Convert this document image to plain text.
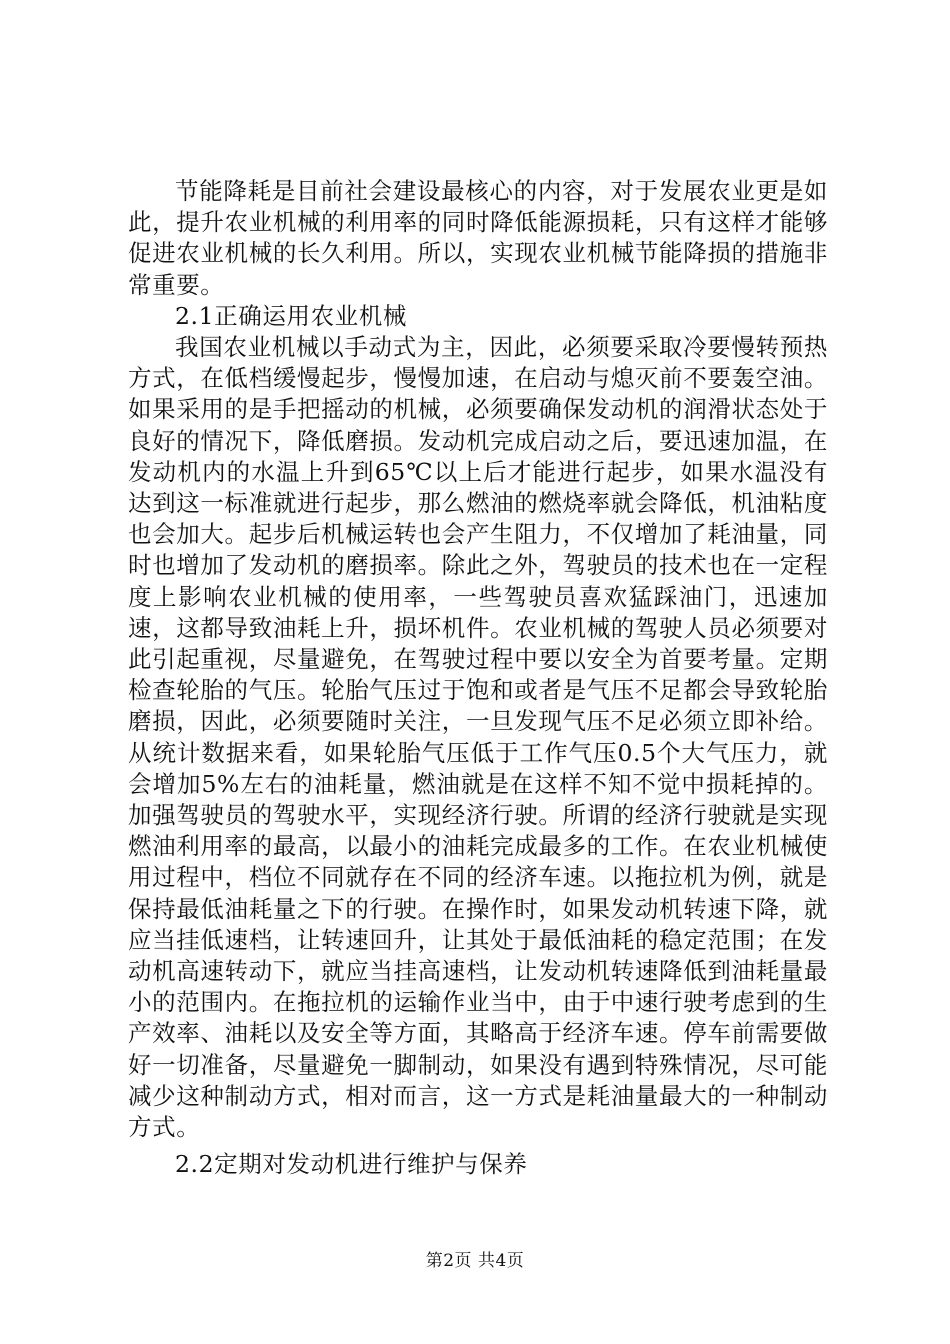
节能降耗是目前社会建设最核心的内容，对于发展农业更是如此，提升农业机械的利用率的同时降低能源损耗，只有这样才能够促进农业机械的长久利用。所以，实现农业机械节能降损的措施非常重要。

2.1正确运用农业机械

我国农业机械以手动式为主，因此，必须要采取冷要慢转预热方式，在低档缓慢起步，慢慢加速，在启动与熄灭前不要轰空油。如果采用的是手把摇动的机械，必须要确保发动机的润滑状态处于良好的情况下，降低磨损。发动机完成启动之后，要迅速加温，在发动机内的水温上升到65℃以上后才能进行起步，如果水温没有达到这一标准就进行起步，那么燃油的燃烧率就会降低，机油粘度也会加大。起步后机械运转也会产生阻力，不仅增加了耗油量，同时也增加了发动机的磨损率。除此之外，驾驶员的技术也在一定程度上影响农业机械的使用率，一些驾驶员喜欢猛踩油门，迅速加速，这都导致油耗上升，损坏机件。农业机械的驾驶人员必须要对此引起重视，尽量避免，在驾驶过程中要以安全为首要考量。定期检查轮胎的气压。轮胎气压过于饱和或者是气压不足都会导致轮胎磨损，因此，必须要随时关注，一旦发现气压不足必须立即补给。从统计数据来看，如果轮胎气压低于工作气压0.5个大气压力，就会增加5%左右的油耗量，燃油就是在这样不知不觉中损耗掉的。加强驾驶员的驾驶水平，实现经济行驶。所谓的经济行驶就是实现燃油利用率的最高，以最小的油耗完成最多的工作。在农业机械使用过程中，档位不同就存在不同的经济车速。以拖拉机为例，就是保持最低油耗量之下的行驶。在操作时，如果发动机转速下降，就应当挂低速档，让转速回升，让其处于最低油耗的稳定范围；在发动机高速转动下，就应当挂高速档，让发动机转速降低到油耗量最小的范围内。在拖拉机的运输作业当中，由于中速行驶考虑到的生产效率、油耗以及安全等方面，其略高于经济车速。停车前需要做好一切准备，尽量避免一脚制动，如果没有遇到特殊情况，尽可能减少这种制动方式，相对而言，这一方式是耗油量最大的一种制动方式。

2.2定期对发动机进行维护与保养

第2页 共4页
